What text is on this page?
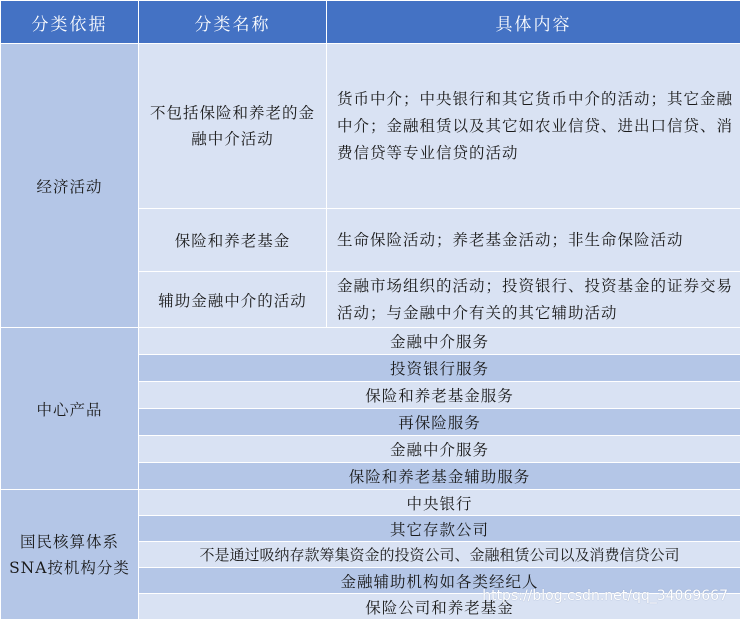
分类依据	分类名称	具体内容
经济活动	不包括保险和养老的金融中介活动	货币中介；中央银行和其它货币中介的活动；其它金融中介；金融租赁以及其它如农业信贷、进出口信贷、消费信贷等专业信贷的活动
	保险和养老基金	生命保险活动；养老基金活动；非生命保险活动
	辅助金融中介的活动	金融市场组织的活动；投资银行、投资基金的证券交易活动；与金融中介有关的其它辅助活动
中心产品	金融中介服务	
	投资银行服务	
	保险和养老基金服务	
	再保险服务	
	金融中介服务	
	保险和养老基金辅助服务	
国民核算体系SNA按机构分类	中央银行	
	其它存款公司	
	不是通过吸纳存款筹集资金的投资公司、金融租赁公司以及消费信贷公司	
	金融辅助机构如各类经纪人	
	保险公司和养老基金	
https://blog.csdn.net/qq_34069667
